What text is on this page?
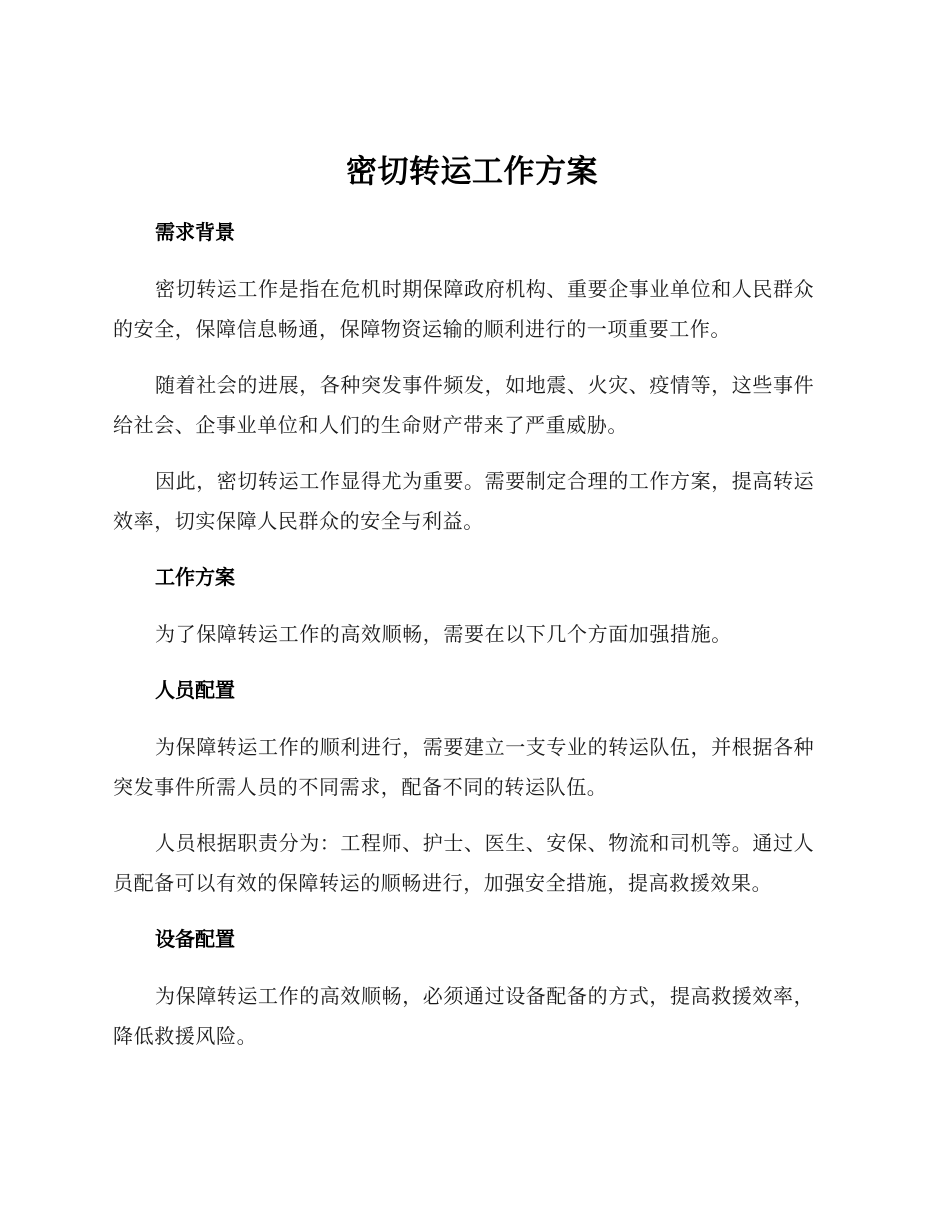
密切转运工作方案
需求背景

密切转运工作是指在危机时期保障政府机构、重要企事业单位和人民群众的安全，保障信息畅通，保障物资运输的顺利进行的一项重要工作。

随着社会的进展，各种突发事件频发，如地震、火灾、疫情等，这些事件给社会、企事业单位和人们的生命财产带来了严重威胁。

因此，密切转运工作显得尤为重要。需要制定合理的工作方案，提高转运效率，切实保障人民群众的安全与利益。

工作方案

为了保障转运工作的高效顺畅，需要在以下几个方面加强措施。

人员配置

为保障转运工作的顺利进行，需要建立一支专业的转运队伍，并根据各种突发事件所需人员的不同需求，配备不同的转运队伍。

人员根据职责分为：工程师、护士、医生、安保、物流和司机等。通过人员配备可以有效的保障转运的顺畅进行，加强安全措施，提高救援效果。

设备配置

为保障转运工作的高效顺畅，必须通过设备配备的方式，提高救援效率，降低救援风险。
